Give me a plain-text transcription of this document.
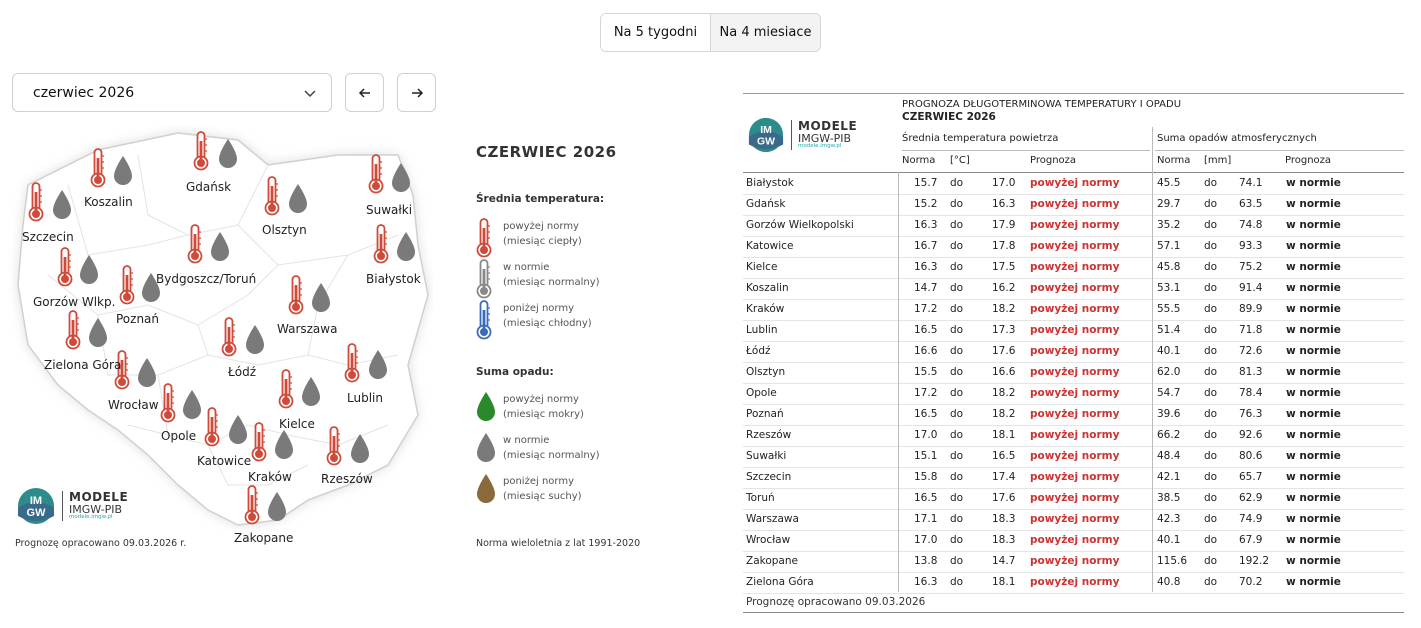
Na 5 tygodni	Na 4 miesiace
czerwiec 2026
Gdańsk
Koszalin
Suwałki
Szczecin	Olsztyn
Bydgoszcz/Toruń	Białystok
Gorzów Wlkp.
Poznań
Warszawa
Zielona Góra	Łódź
Lublin
Wrocław
Opole
Kielce
Katowice
Kraków Rzeszów
Zakopane
IM
GW
MODELE
IMGW-PIB
modele.imgw.pl
Prognozę opracowano 09.03.2026 r.
CZERWIEC 2026
Średnia temperatura:
powyżej normy
(miesiąc ciepły)
w normie
(miesiąc normalny)
poniżej normy
(miesiąc chłodny)
Suma opadu:
powyżej normy
(miesiąc mokry)
w normie
(miesiąc normalny)
poniżej normy
(miesiąc suchy)
Norma wieloletnia z lat 1991-2020
IM
GW
MODELE
IMGW-PIB
modele.imgw.pl
PROGNOZA DŁUGOTERMINOWA TEMPERATURY I OPADU
CZERWIEC 2026
Średnia temperatura powietrza	Suma opadów atmosferycznych
Norma [°C]	Prognoza	Norma [mm]	Prognoza
Białystok	15.7 do	17.0 powyżej normy	45.5 do 74.1 w normie
Gdańsk	15.2 do	16.3 powyżej normy	29.7 do 63.5 w normie
Gorzów Wielkopolski	16.3 do	17.9 powyżej normy	35.2 do 74.8 w normie
Katowice	16.7 do	17.8 powyżej normy	57.1 do 93.3 w normie
Kielce	16.3 do	17.5 powyżej normy	45.8 do 75.2 w normie
Koszalin	14.7 do	16.2 powyżej normy	53.1 do 91.4 w normie
Kraków	17.2 do	18.2 powyżej normy	55.5 do 89.9 w normie
Lublin	16.5 do	17.3 powyżej normy	51.4 do 71.8 w normie
Łódź	16.6 do	17.6 powyżej normy	40.1 do 72.6 w normie
Olsztyn	15.5 do	16.6 powyżej normy	62.0 do 81.3 w normie
Opole	17.2 do	18.2 powyżej normy	54.7 do 78.4 w normie
Poznań	16.5 do	18.2 powyżej normy	39.6 do 76.3 w normie
Rzeszów	17.0 do	18.1 powyżej normy	66.2 do 92.6 w normie
Suwałki	15.1 do	16.5 powyżej normy	48.4 do 80.6 w normie
Szczecin	15.8 do	17.4 powyżej normy	42.1 do 65.7 w normie
Toruń	16.5 do	17.6 powyżej normy	38.5 do 62.9 w normie
Warszawa	17.1 do	18.3 powyżej normy	42.3 do 74.9 w normie
Wrocław	17.0 do	18.3 powyżej normy	40.1 do 67.9 w normie
Zakopane	13.8 do	14.7 powyżej normy	115.6 do 192.2 w normie
Zielona Góra	16.3 do	18.1 powyżej normy	40.8 do 70.2 w normie
Prognozę opracowano 09.03.2026
